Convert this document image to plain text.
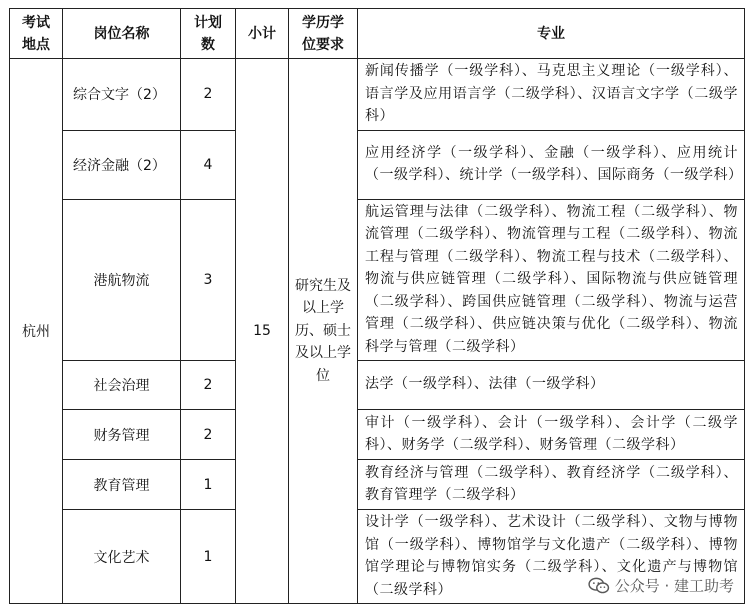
考试地点	岗位名称	计划数	小计	学历学位要求	专业
杭州	综合文字（2）	2	15	研究生及以上学历、硕士及以上学位	新闻传播学（一级学科）、马克思主义理论（一级学科）、语言学及应用语言学（二级学科）、汉语言文字学（二级学科）
	经济金融（2）	4			应用经济学（一级学科）、金融（一级学科）、应用统计（一级学科）、统计学（一级学科）、国际商务（一级学科）
	港航物流	3			航运管理与法律（二级学科）、物流工程（二级学科）、物流管理（二级学科）、物流管理与工程（二级学科）、物流工程与管理（二级学科）、物流工程与技术（二级学科）、物流与供应链管理（二级学科）、国际物流与供应链管理（二级学科）、跨国供应链管理（二级学科）、物流与运营管理（二级学科）、供应链决策与优化（二级学科）、物流科学与管理（二级学科）
	社会治理	2			法学（一级学科）、法律（一级学科）
	财务管理	2			审计（一级学科）、会计（一级学科）、会计学（二级学科）、财务学（二级学科）、财务管理（二级学科）
	教育管理	1			教育经济与管理（二级学科）、教育经济学（二级学科）、教育管理学（二级学科）
	文化艺术	1			设计学（一级学科）、艺术设计（二级学科）、文物与博物馆（一级学科）、博物馆学与文化遗产（二级学科）、博物馆学理论与博物馆实务（二级学科）、文化遗产与博物馆（二级学科）	公众号 · 建工助考
